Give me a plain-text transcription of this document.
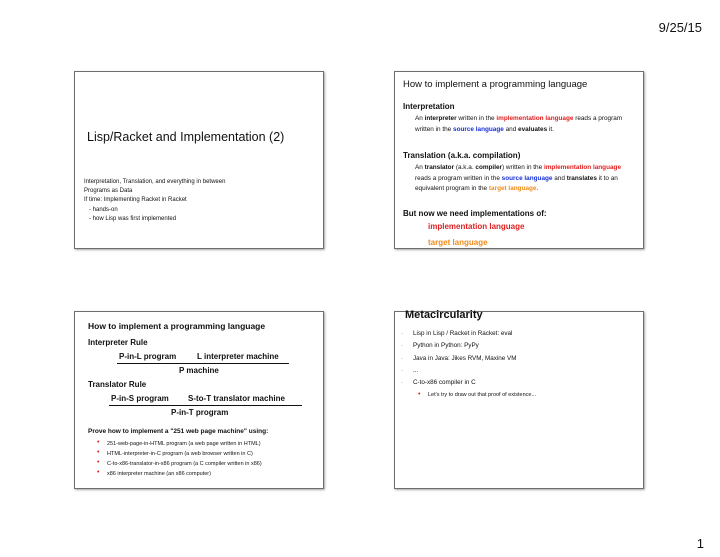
9/25/15
Lisp/Racket and Implementation (2)
Interpretation, Translation, and everything in between
Programs as Data
If time: Implementing Racket in Racket
- hands-on
- how Lisp was first implemented
How to implement a programming language
Interpretation
An interpreter written in the implementation language reads a program written in the source language and evaluates it.
Translation (a.k.a. compilation)
An translator (a.k.a. compiler) written in the implementation language reads a program written in the source language and translates it to an equivalent program in the target language.
But now we need implementations of:
implementation language
target language
How to implement a programming language
Interpreter Rule
P-in-L program	L interpreter machine
P machine
Translator Rule
P-in-S program S-to-T translator machine
P-in-T program
Prove how to implement a "251 web page machine" using:
• 251-web-page-in-HTML program (a web page written in HTML)
• HTML-interpreter-in-C program (a web browser written in C)
• C-to-x86-translator-in-x86 program (a C compiler written in x86)
• x86 interpreter machine (an x86 computer)
Metacircularity
· Lisp in Lisp / Racket in Racket: eval
· Python in Python: PyPy
· Java in Java: Jikes RVM, Maxine VM
· ...
· C-to-x86 compiler in C
• Let's try to draw out that proof of existence...
1
